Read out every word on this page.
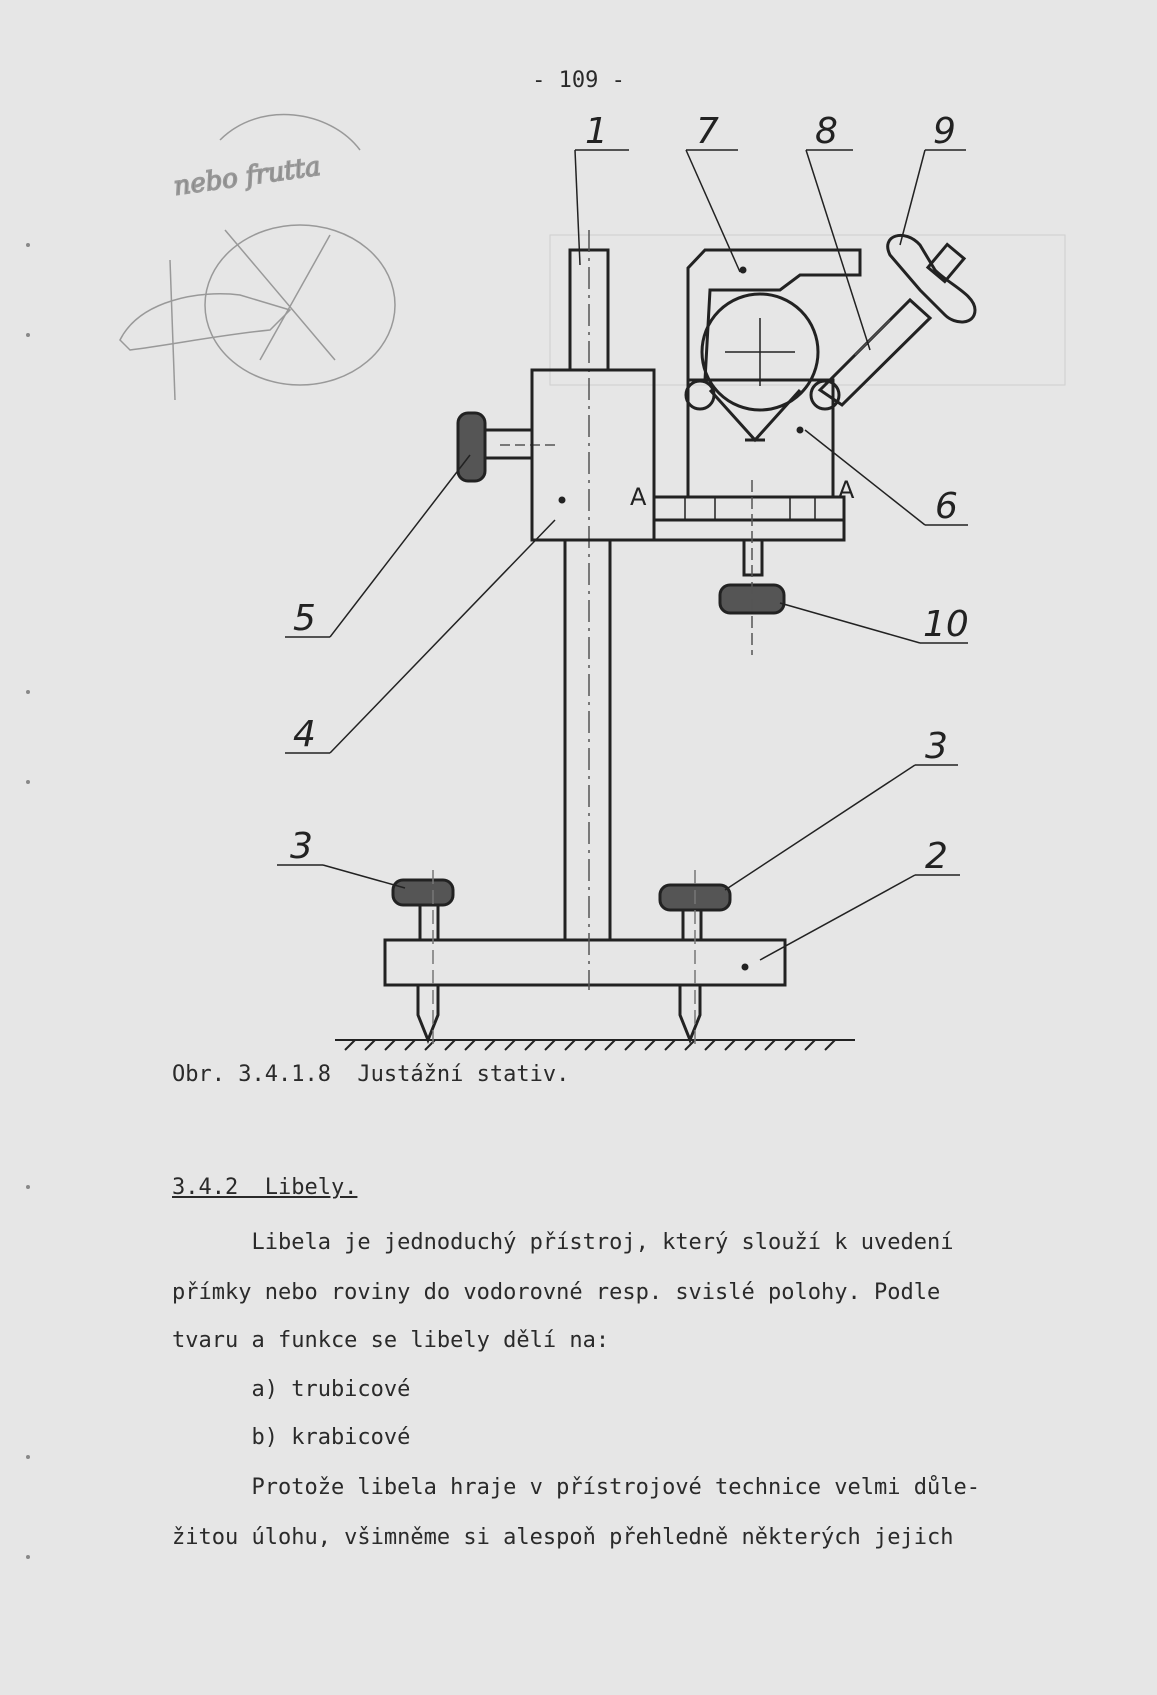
- 109 -
nebo frutta
A	A
1 7	8	9
6
10
5
4	3
2
3
Obr. 3.4.1.8  Justážní stativ.
3.4.2  Libely.
Libela je jednoduchý přístroj, který slouží k uvedení
přímky nebo roviny do vodorovné resp. svislé polohy. Podle
tvaru a funkce se libely dělí na:
a) trubicové
b) krabicové
Protože libela hraje v přístrojové technice velmi důle-
žitou úlohu, všimněme si alespoň přehledně některých jejich
